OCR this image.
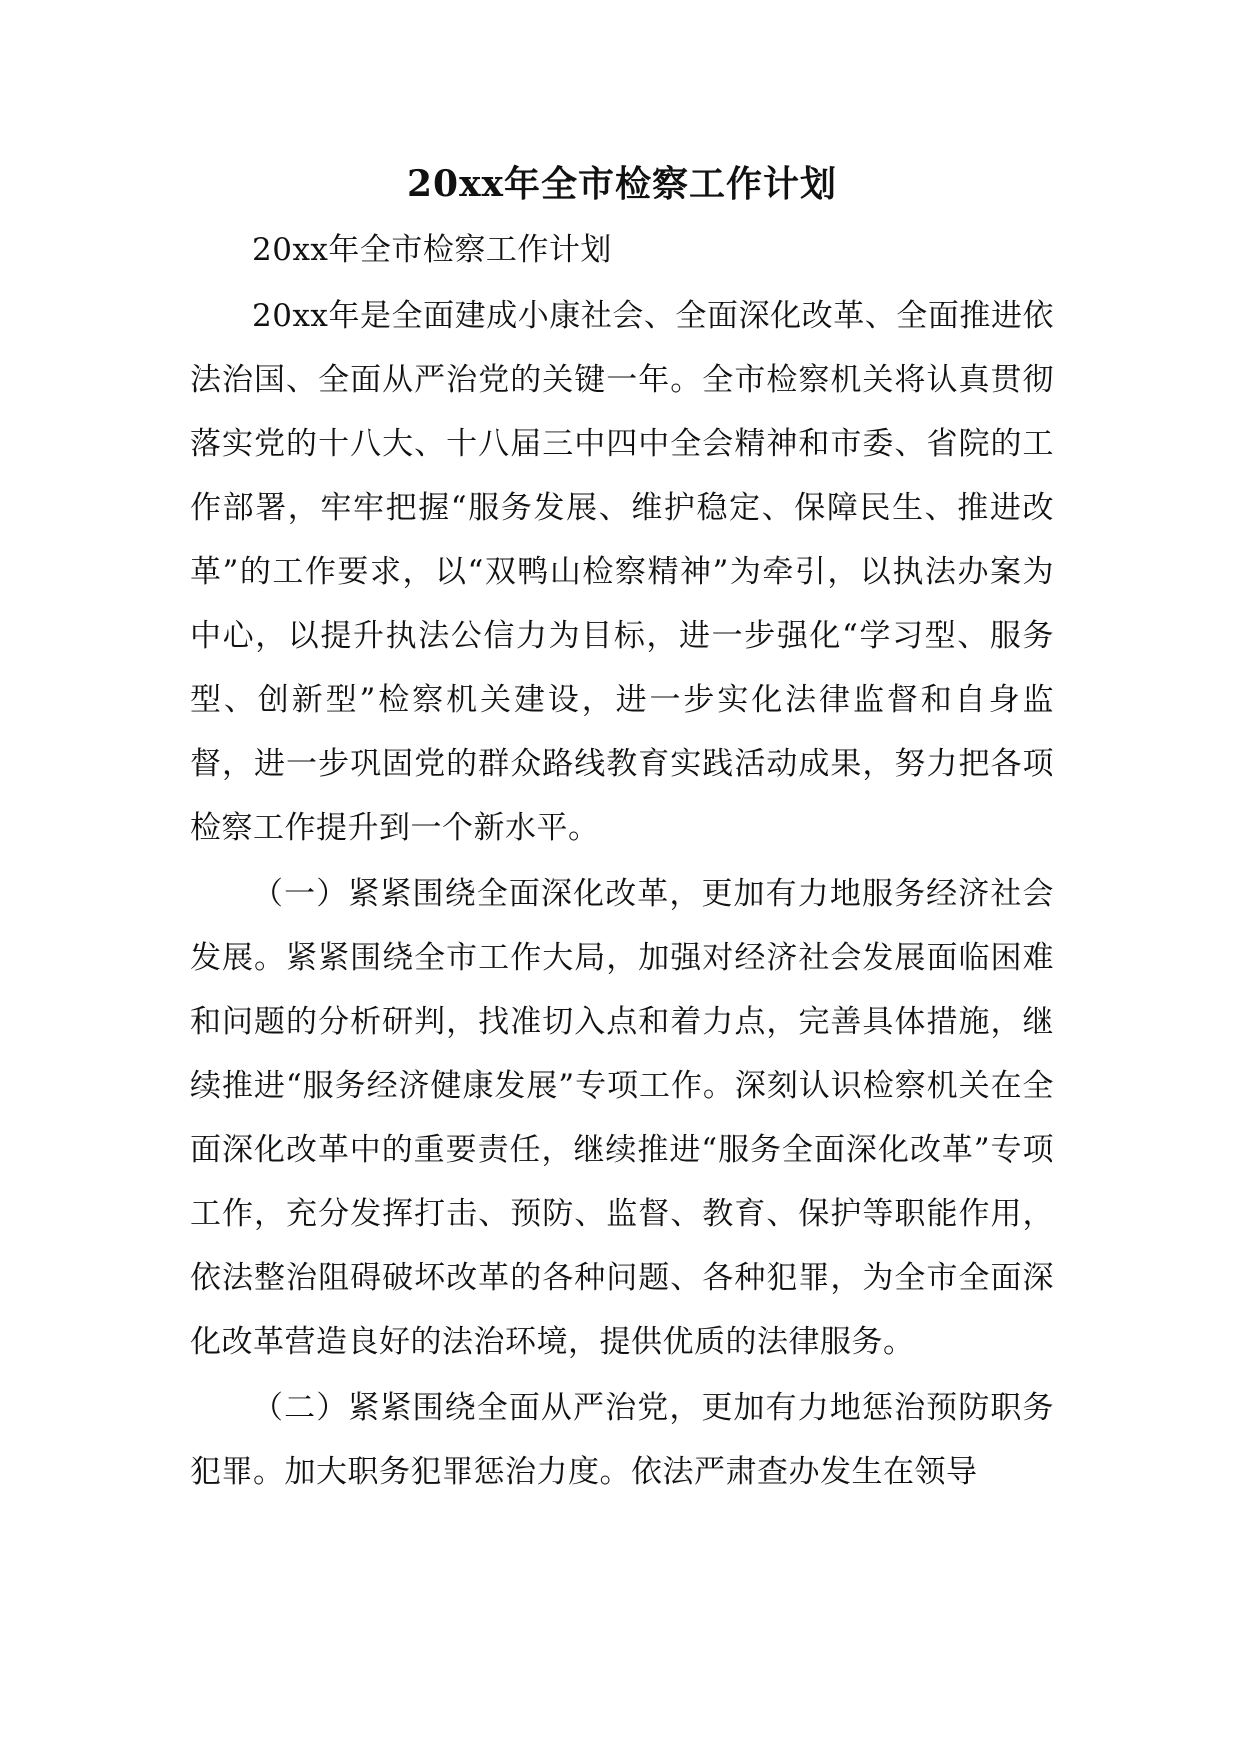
20xx年全市检察工作计划

20xx年全市检察工作计划

20xx年是全面建成小康社会、全面深化改革、全面推进依法治国、全面从严治党的关键一年。全市检察机关将认真贯彻落实党的十八大、十八届三中四中全会精神和市委、省院的工作部署，牢牢把握“服务发展、维护稳定、保障民生、推进改革”的工作要求，以“双鸭山检察精神”为牵引，以执法办案为中心，以提升执法公信力为目标，进一步强化“学习型、服务型、创新型”检察机关建设，进一步实化法律监督和自身监督，进一步巩固党的群众路线教育实践活动成果，努力把各项检察工作提升到一个新水平。

（一）紧紧围绕全面深化改革，更加有力地服务经济社会发展。紧紧围绕全市工作大局，加强对经济社会发展面临困难和问题的分析研判，找准切入点和着力点，完善具体措施，继续推进“服务经济健康发展”专项工作。深刻认识检察机关在全面深化改革中的重要责任，继续推进“服务全面深化改革”专项工作，充分发挥打击、预防、监督、教育、保护等职能作用，依法整治阻碍破坏改革的各种问题、各种犯罪，为全市全面深化改革营造良好的法治环境，提供优质的法律服务。

（二）紧紧围绕全面从严治党，更加有力地惩治预防职务犯罪。加大职务犯罪惩治力度。依法严肃查办发生在领导
